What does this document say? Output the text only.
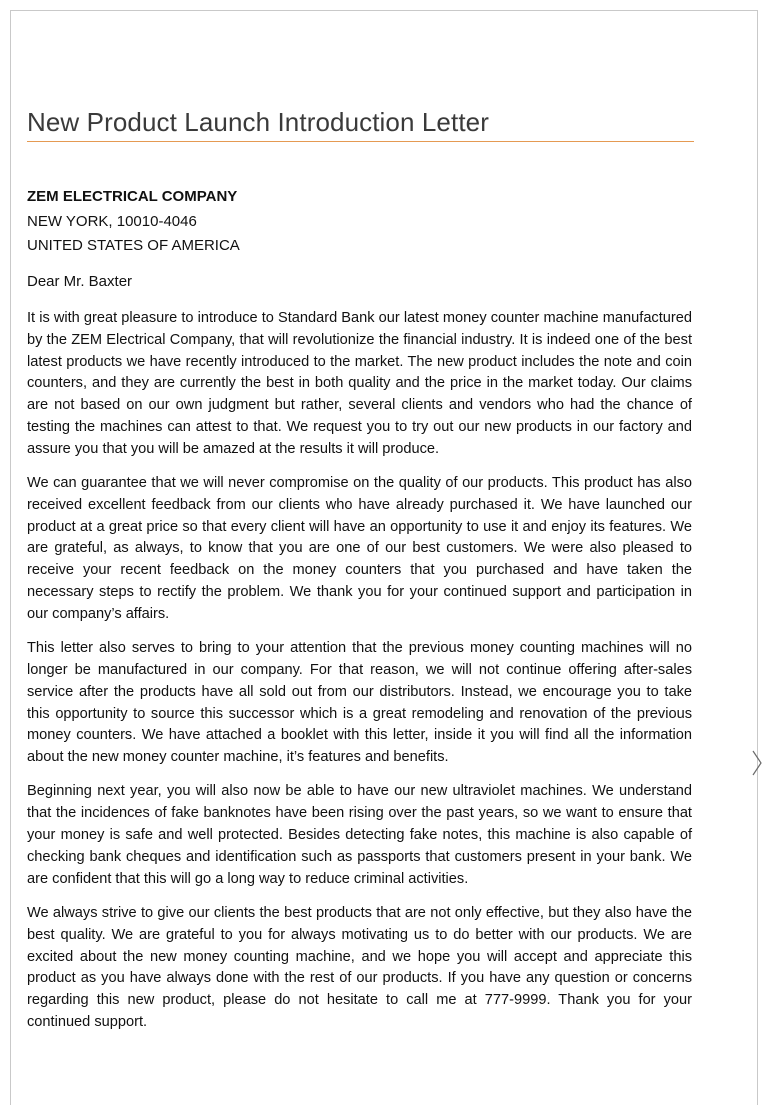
New Product Launch Introduction Letter
ZEM ELECTRICAL COMPANY
NEW YORK, 10010-4046
UNITED STATES OF AMERICA
Dear Mr. Baxter

It is with great pleasure to introduce to Standard Bank our latest money counter machine manufactured by the ZEM Electrical Company, that will revolutionize the financial industry. It is indeed one of the best latest products we have recently introduced to the market. The new product includes the note and coin counters, and they are currently the best in both quality and the price in the market today. Our claims are not based on our own judgment but rather, several clients and vendors who had the chance of testing the machines can attest to that. We request you to try out our new products in our factory and assure you that you will be amazed at the results it will produce.

We can guarantee that we will never compromise on the quality of our products. This product has also received excellent feedback from our clients who have already purchased it. We have launched our product at a great price so that every client will have an opportunity to use it and enjoy its features. We are grateful, as always, to know that you are one of our best customers. We were also pleased to receive your recent feedback on the money counters that you purchased and have taken the necessary steps to rectify the problem. We thank you for your continued support and participation in our company’s affairs.

This letter also serves to bring to your attention that the previous money counting machines will no longer be manufactured in our company. For that reason, we will not continue offering after-sales service after the products have all sold out from our distributors. Instead, we encourage you to take this opportunity to source this successor which is a great remodeling and renovation of the previous money counters. We have attached a booklet with this letter, inside it you will find all the information about the new money counter machine, it’s features and benefits.

Beginning next year, you will also now be able to have our new ultraviolet machines. We understand that the incidences of fake banknotes have been rising over the past years, so we want to ensure that your money is safe and well protected. Besides detecting fake notes, this machine is also capable of checking bank cheques and identification such as passports that customers present in your bank. We are confident that this will go a long way to reduce criminal activities.

We always strive to give our clients the best products that are not only effective, but they also have the best quality. We are grateful to you for always motivating us to do better with our products. We are excited about the new money counting machine, and we hope you will accept and appreciate this product as you have always done with the rest of our products. If you have any question or concerns regarding this new product, please do not hesitate to call me at 777-9999. Thank you for your continued support.
